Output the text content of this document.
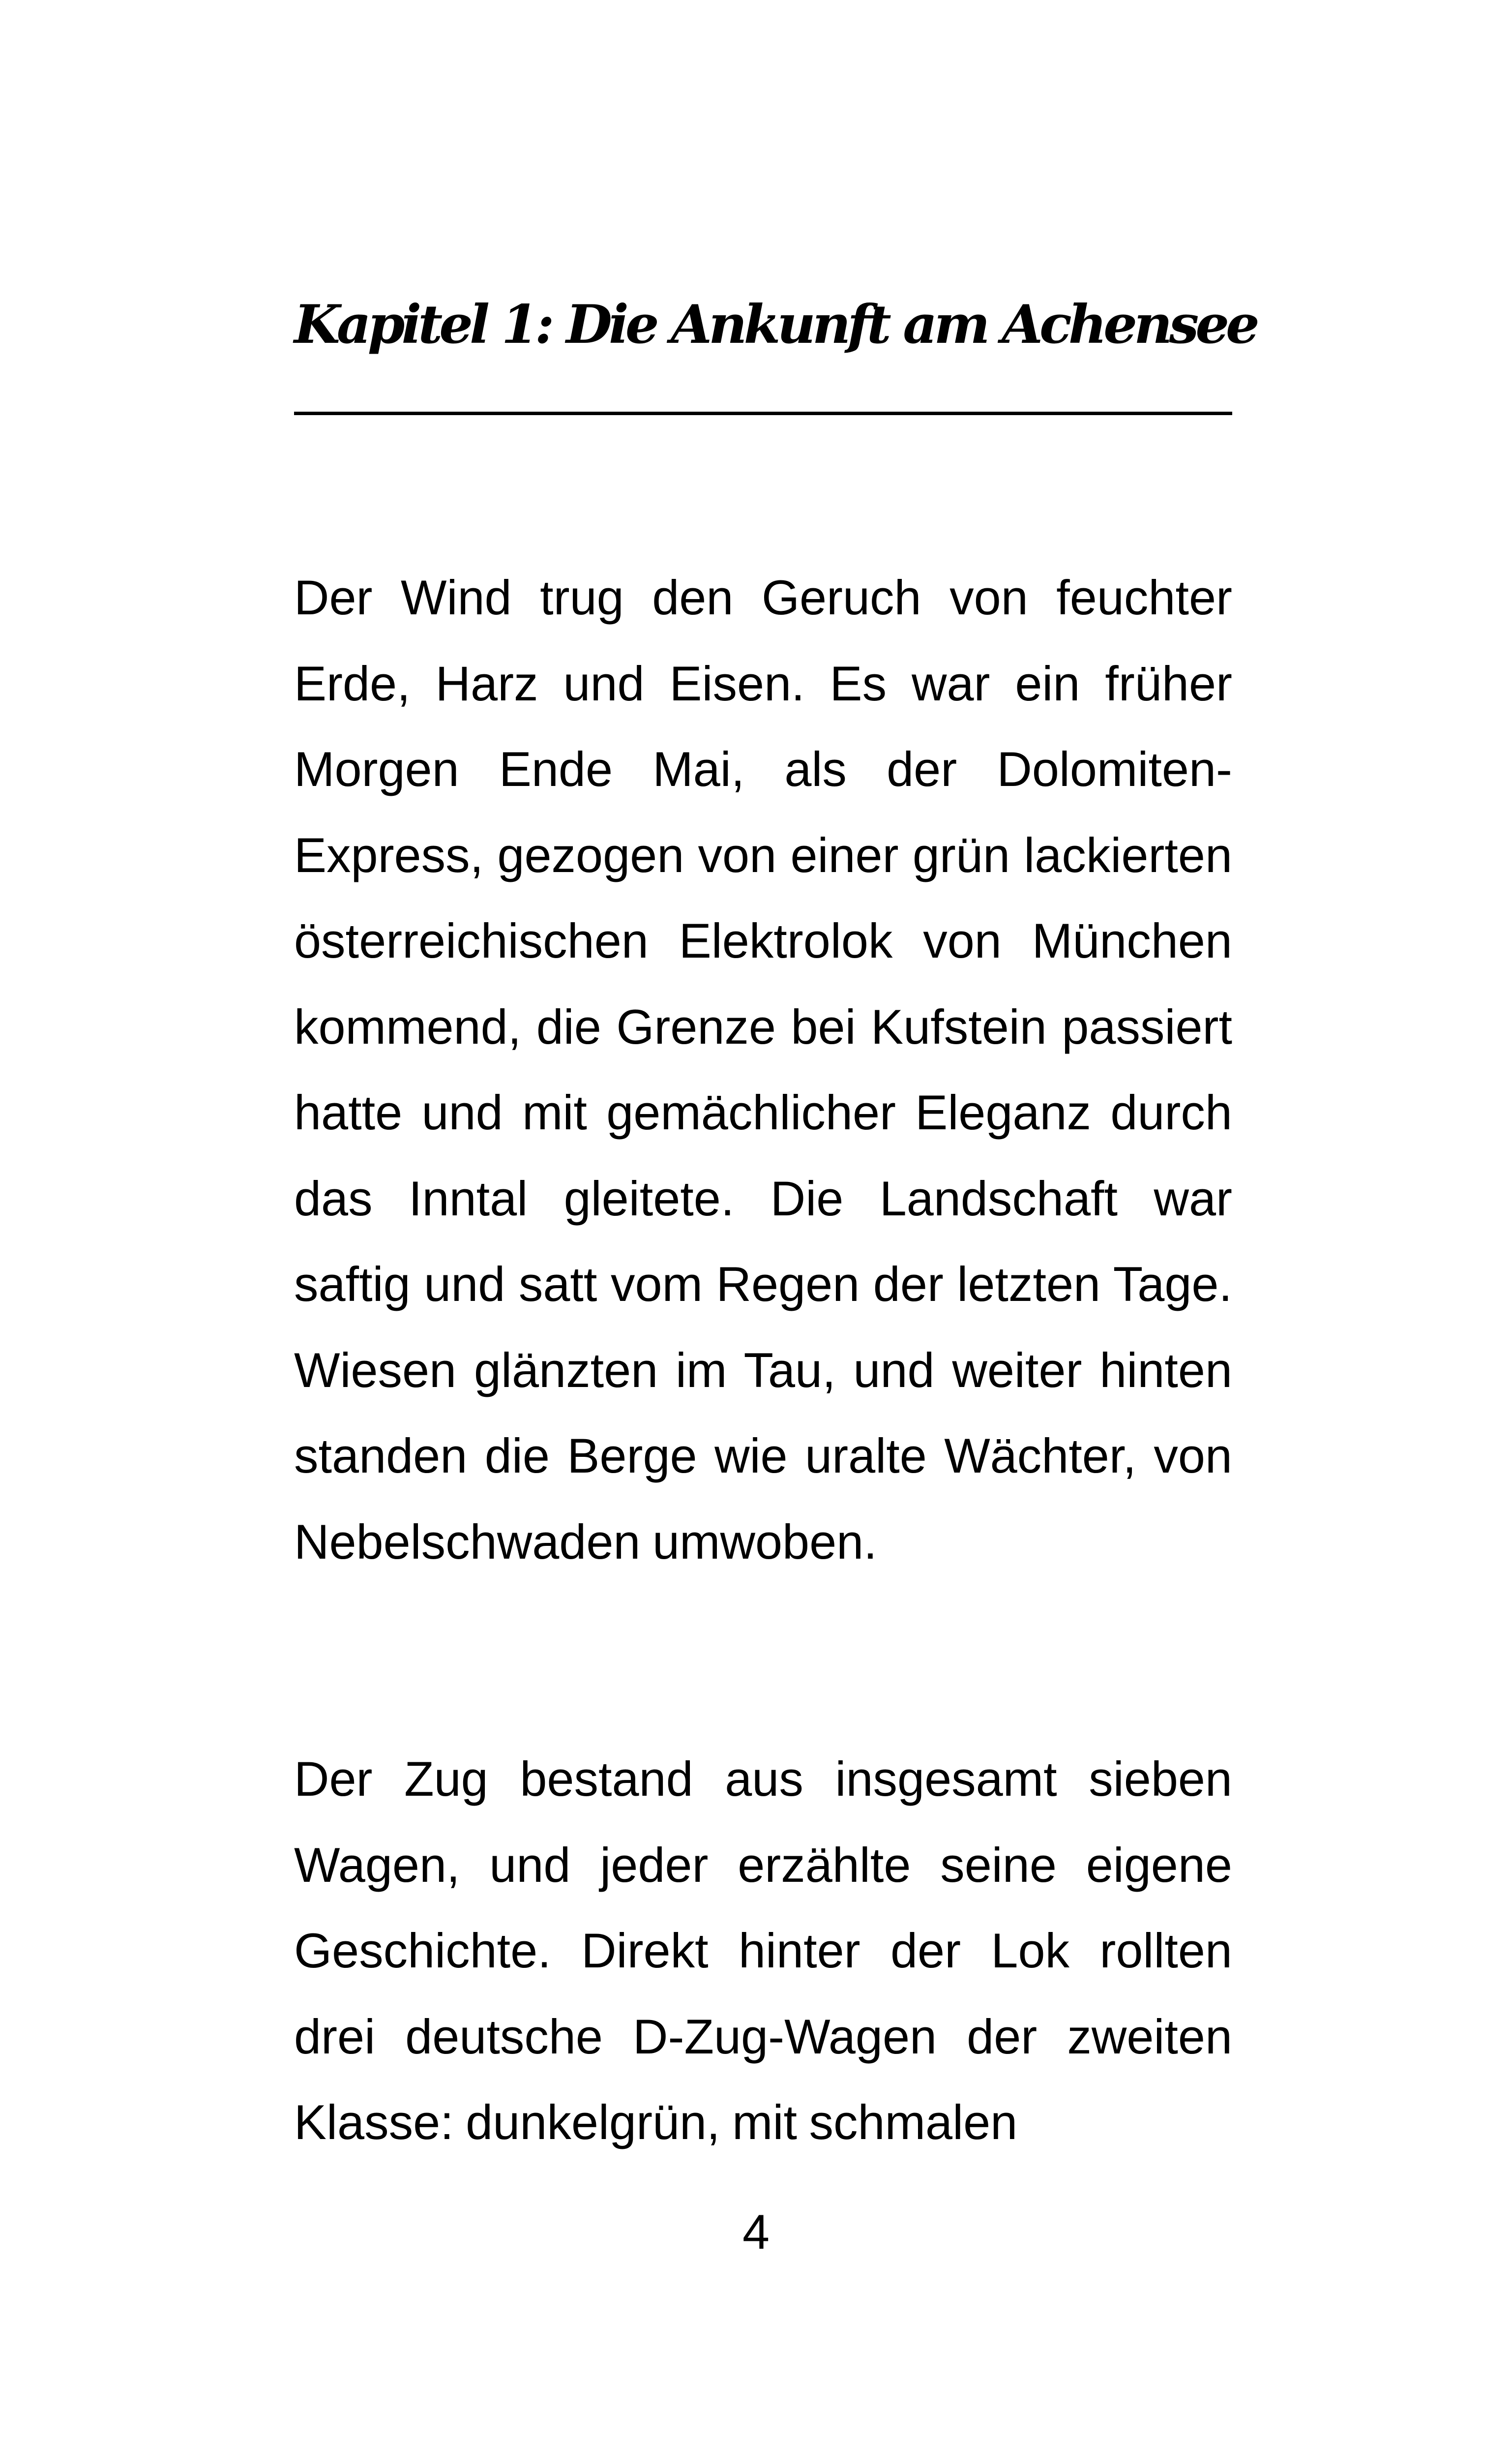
Kapitel 1: Die Ankunft am Achensee

Der Wind trug den Geruch von feuchter Erde, Harz und Eisen. Es war ein früher Morgen Ende Mai, als der Dolomiten-Express, gezogen von einer grün lackierten österreichischen Elektrolok von München kommend, die Grenze bei Kufstein passiert hatte und mit gemächlicher Eleganz durch das Inntal gleitete. Die Landschaft war saftig und satt vom Regen der letzten Tage. Wiesen glänzten im Tau, und weiter hinten standen die Berge wie uralte Wächter, von Nebelschwaden umwoben.

Der Zug bestand aus insgesamt sieben Wagen, und jeder erzählte seine eigene Geschichte. Direkt hinter der Lok rollten drei deutsche D-Zug-Wagen der zweiten Klasse: dunkelgrün, mit schmalen

4
